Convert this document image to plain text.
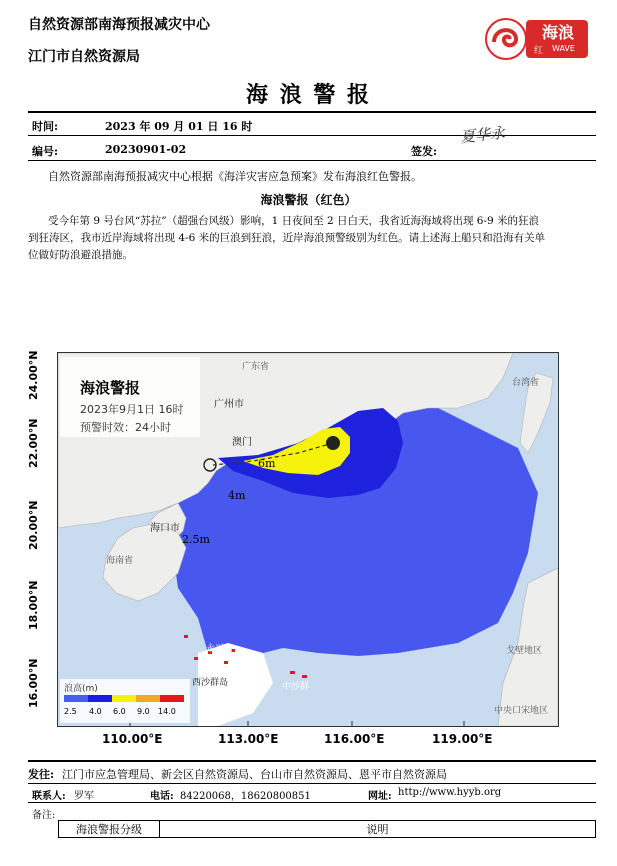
自然资源部南海预报减灾中心
江门市自然资源局
海浪
红 WAVE
海 浪 警 报
时间:	2023 年 09 月 01 日 16 时
编号:	20230901-02	签发:
夏华永
自然资源部南海预报减灾中心根据《海洋灾害应急预案》发布海浪红色警报。
海浪警报（红色）
受今年第 9 号台风“苏拉”（超强台风级）影响，1 日夜间至 2 日白天，我省近海海域将出现 6-9 米的狂浪
到狂涛区，我市近岸海域将出现 4-6 米的巨浪到狂浪，近岸海浪预警级别为红色。请上述海上船只和沿海有关单
位做好防浪避浪措施。
海浪警报
2023年9月1日 16时
预警时效：24小时
广东省
广州市
澳门
台湾省
海口市
海南省
永兴岛
西沙群岛	中沙群
戈壁地区
中央口宋地区
6m
4m
2.5m
浪高(m)
2.5 4.0 6.0 9.0 14.0
24.00°N
22.00°N
20.00°N
18.00°N
16.00°N
110.00°E	113.00°E	116.00°E	119.00°E
发往: 江门市应急管理局、新会区自然资源局、台山市自然资源局、恩平市自然资源局
联系人: 罗军	电话: 84220068，18620800851	网址: http://www.hyyb.org
备注:
海浪警报分级	说明
